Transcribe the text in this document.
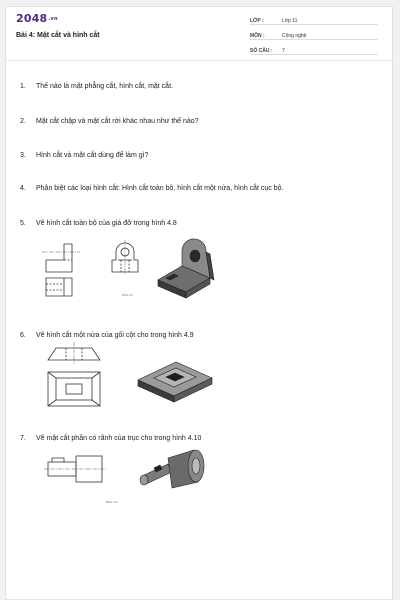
2048.vn
Bài 4: Mặt cắt và hình cắt
LỚP :	Lớp 11
MÔN :	Công nghệ
SỐ CÂU :	7
1.	Thế nào là mặt phẳng cắt, hình cắt, mặt cắt.
2.	Mặt cắt chập và mặt cắt rời khác nhau như thế nào?
3.	Hình cắt và mặt cắt dùng để làm gì?
4.	Phân biệt các loại hình cắt: Hình cắt toàn bộ, hình cắt một nửa, hình cắt cục bộ.
5.	Vẽ hình cắt toàn bộ của giá đỡ trong hình 4.8
Hình 4.8
6.	Vẽ hình cắt một nửa của gối cột cho trong hình 4.9
7.	Vẽ mặt cắt phần có rãnh của trục cho trong hình 4.10
Hình 4.10
